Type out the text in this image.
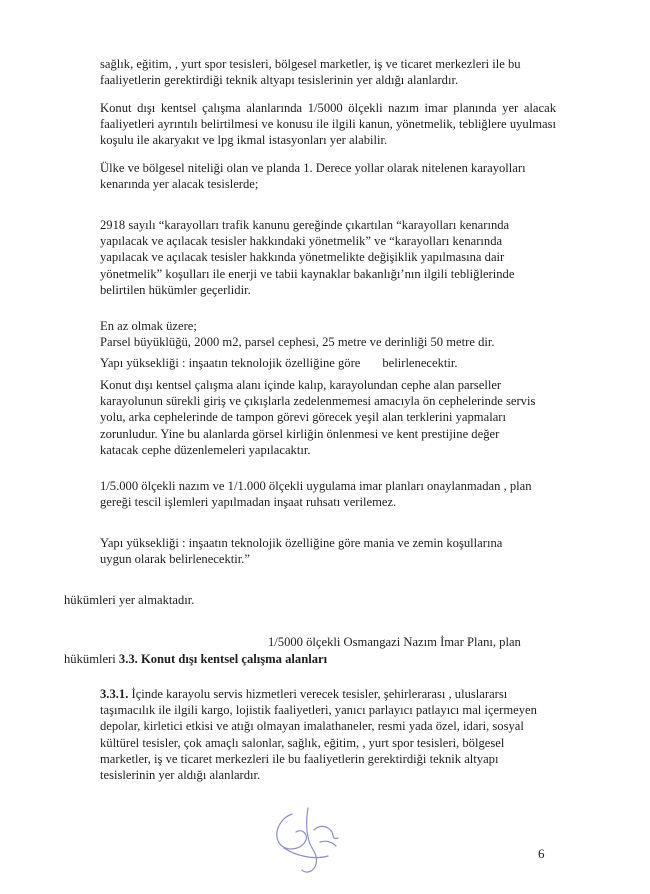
sağlık, eğitim, , yurt spor tesisleri, bölgesel marketler, iş ve ticaret merkezleri ile bu
faaliyetlerin gerektirdiği teknik altyapı tesislerinin yer aldığı alanlardır.
Konut dışı kentsel çalışma alanlarında 1/5000 ölçekli nazım imar planında yer alacak faaliyetleri ayrıntılı belirtilmesi ve konusu ile ilgili kanun, yönetmelik, tebliğlere uyulması koşulu ile akaryakıt ve lpg ikmal istasyonları yer alabilir.
Ülke ve bölgesel niteliği olan ve planda 1. Derece yollar olarak nitelenen karayolları kenarında yer alacak tesislerde;
2918 sayılı “karayolları trafik kanunu gereğinde çıkartılan “karayolları kenarında
yapılacak ve açılacak tesisler hakkındaki yönetmelik” ve “karayolları kenarında
yapılacak ve açılacak tesisler hakkında yönetmelikte değişiklik yapılmasına dair
yönetmelik” koşulları ile enerji ve tabii kaynaklar bakanlığı’nın ilgili tebliğlerinde
belirtilen hükümler geçerlidir.
En az olmak üzere;
Parsel büyüklüğü, 2000 m2, parsel cephesi, 25 metre ve derinliği 50 metre dir.
Yapı yüksekliği : inşaatın teknolojik özelliğine göre belirlenecektir.
Konut dışı kentsel çalışma alanı içinde kalıp, karayolundan cephe alan parseller
karayolunun sürekli giriş ve çıkışlarla zedelenmemesi amacıyla ön cephelerinde servis
yolu, arka cephelerinde de tampon görevi görecek yeşil alan terklerini yapmaları
zorunludur. Yine bu alanlarda görsel kirliğin önlenmesi ve kent prestijine değer
katacak cephe düzenlemeleri yapılacaktır.
1/5.000 ölçekli nazım ve 1/1.000 ölçekli uygulama imar planları onaylanmadan , plan
gereği tescil işlemleri yapılmadan inşaat ruhsatı verilemez.
Yapı yüksekliği : inşaatın teknolojik özelliğine göre mania ve zemin koşullarına
uygun olarak belirlenecektir.”
hükümleri yer almaktadır.
1/5000 ölçekli Osmangazi Nazım İmar Planı, plan
hükümleri 3.3. Konut dışı kentsel çalışma alanları
3.3.1. İçinde karayolu servis hizmetleri verecek tesisler, şehirlerarası , uluslararsı
taşımacılık ile ilgili kargo, lojistik faaliyetleri, yanıcı parlayıcı patlayıcı mal içermeyen
depolar, kirletici etkisi ve atığı olmayan imalathaneler, resmi yada özel, idari, sosyal
kültürel tesisler, çok amaçlı salonlar, sağlık, eğitim, , yurt spor tesisleri, bölgesel
marketler, iş ve ticaret merkezleri ile bu faaliyetlerin gerektirdiği teknik altyapı
tesislerinin yer aldığı alanlardır.
6
